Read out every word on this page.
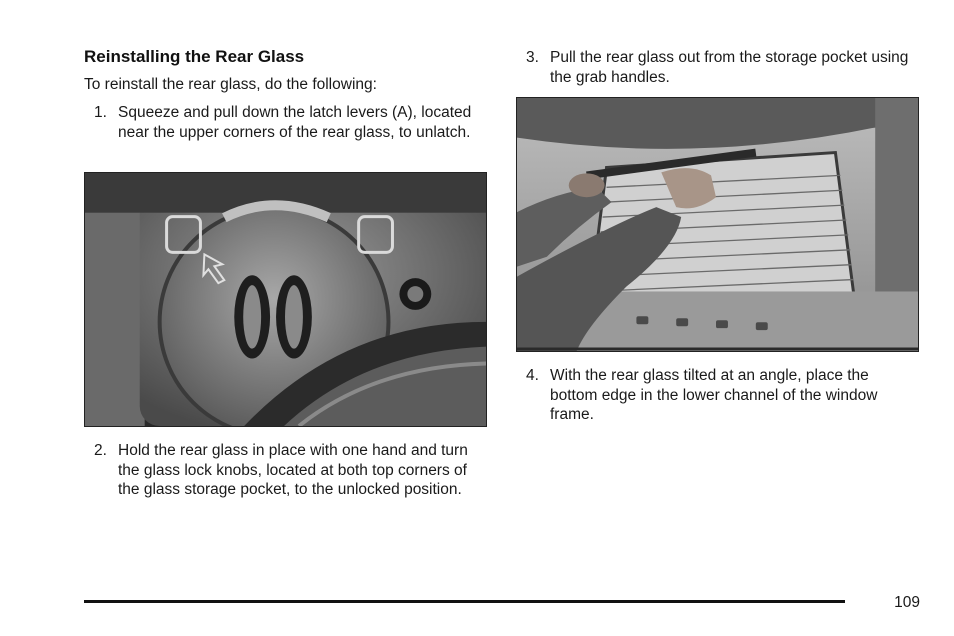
Reinstalling the Rear Glass

To reinstall the rear glass, do the following:

1. Squeeze and pull down the latch levers (A), located near the upper corners of the rear glass, to unlatch.
2. Hold the rear glass in place with one hand and turn the glass lock knobs, located at both top corners of the glass storage pocket, to the unlocked position.
3. Pull the rear glass out from the storage pocket using the grab handles.
4. With the rear glass tilted at an angle, place the bottom edge in the lower channel of the window frame.
109
